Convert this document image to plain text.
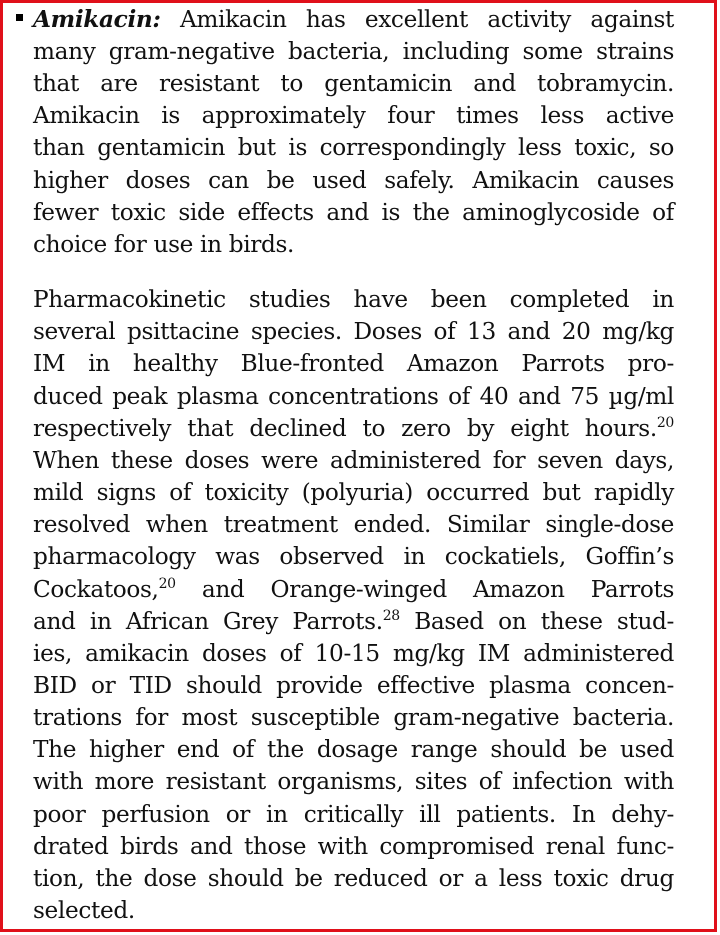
Amikacin: Amikacin has excellent activity against
many gram-negative bacteria, including some strains
that are resistant to gentamicin and tobramycin.
Amikacin is approximately four times less active
than gentamicin but is correspondingly less toxic, so
higher doses can be used safely. Amikacin causes
fewer toxic side effects and is the aminoglycoside of
choice for use in birds.
Pharmacokinetic studies have been completed in
several psittacine species. Doses of 13 and 20 mg/kg
IM in healthy Blue-fronted Amazon Parrots pro-
duced peak plasma concentrations of 40 and 75 µg/ml
respectively that declined to zero by eight hours.$^{20}$
When these doses were administered for seven days,
mild signs of toxicity (polyuria) occurred but rapidly
resolved when treatment ended. Similar single-dose
pharmacology was observed in cockatiels, Goffin’s
Cockatoos,$^{20}$ and Orange-winged Amazon Parrots
and in African Grey Parrots.$^{28}$ Based on these stud-
ies, amikacin doses of 10-15 mg/kg IM administered
BID or TID should provide effective plasma concen-
trations for most susceptible gram-negative bacteria.
The higher end of the dosage range should be used
with more resistant organisms, sites of infection with
poor perfusion or in critically ill patients. In dehy-
drated birds and those with compromised renal func-
tion, the dose should be reduced or a less toxic drug
selected.
